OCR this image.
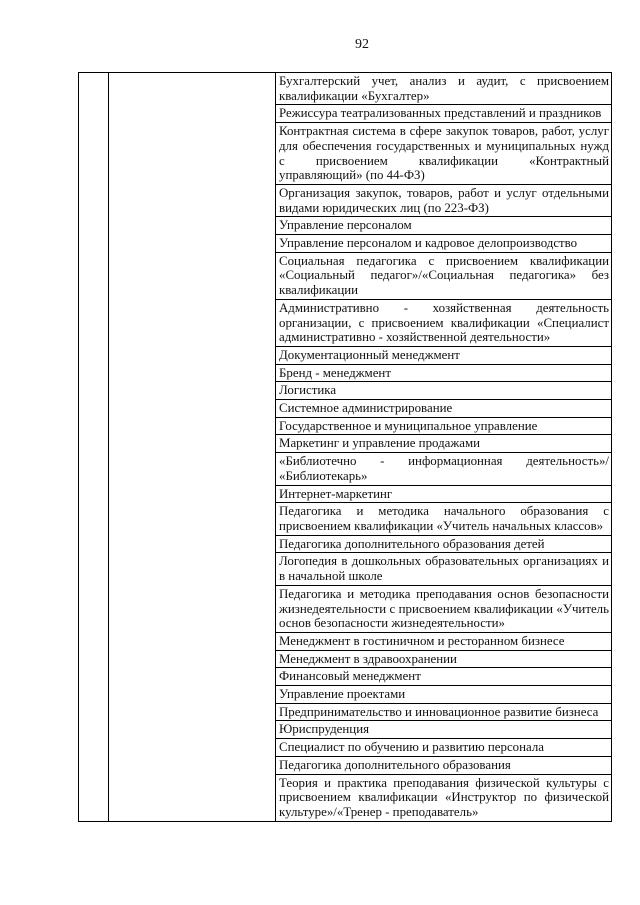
92
		Бухгалтерский учет, анализ и аудит, с присвоением квалификации «Бухгалтер»
Режиссура театрализованных представлений и праздников
Контрактная система в сфере закупок товаров, работ, услуг для обеспечения государственных и муниципальных нужд с присвоением квалификации «Контрактный управляющий» (по 44-ФЗ)
Организация закупок, товаров, работ и услуг отдельными видами юридических лиц (по 223-ФЗ)
Управление персоналом
Управление персоналом и кадровое делопроизводство
Социальная педагогика с присвоением квалификации «Социальный педагог»/«Социальная педагогика» без квалификации
Административно - хозяйственная деятельность организации, с присвоением квалификации «Специалист административно - хозяйственной деятельности»
Документационный менеджмент
Бренд - менеджмент
Логистика
Системное администрирование
Государственное и муниципальное управление
Маркетинг и управление продажами
«Библиотечно - информационная деятельность»/ «Библиотекарь»
Интернет-маркетинг
Педагогика и методика начального образования с присвоением квалификации «Учитель начальных классов»
Педагогика дополнительного образования детей
Логопедия в дошкольных образовательных организациях и в начальной школе
Педагогика и методика преподавания основ безопасности жизнедеятельности с присвоением квалификации «Учитель основ безопасности жизнедеятельности»
Менеджмент в гостиничном и ресторанном бизнесе
Менеджмент в здравоохранении
Финансовый менеджмент
Управление проектами
Предпринимательство и инновационное развитие бизнеса
Юриспруденция
Специалист по обучению и развитию персонала
Педагогика дополнительного образования
Теория и практика преподавания физической культуры с присвоением квалификации «Инструктор по физической культуре»/«Тренер - преподаватель»
